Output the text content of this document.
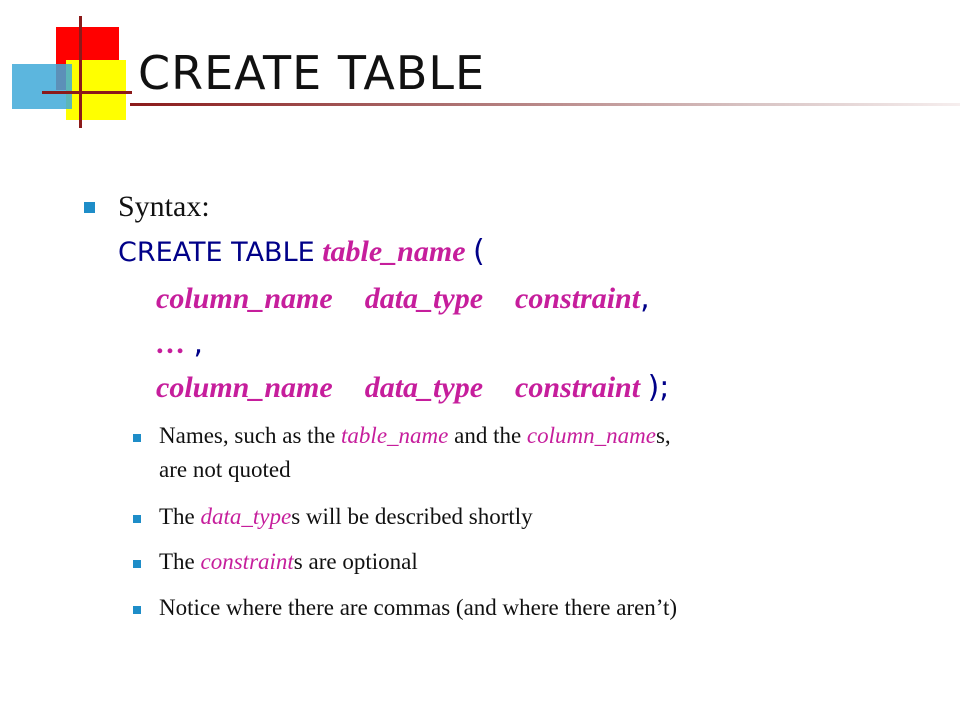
CREATE TABLE
Syntax:
CREATE TABLE table_name (
column_name data_type constraint,
… ,
column_name data_type constraint );
Names, such as the table_name and the column_names,
are not quoted
The data_types will be described shortly
The constraints are optional
Notice where there are commas (and where there aren’t)
